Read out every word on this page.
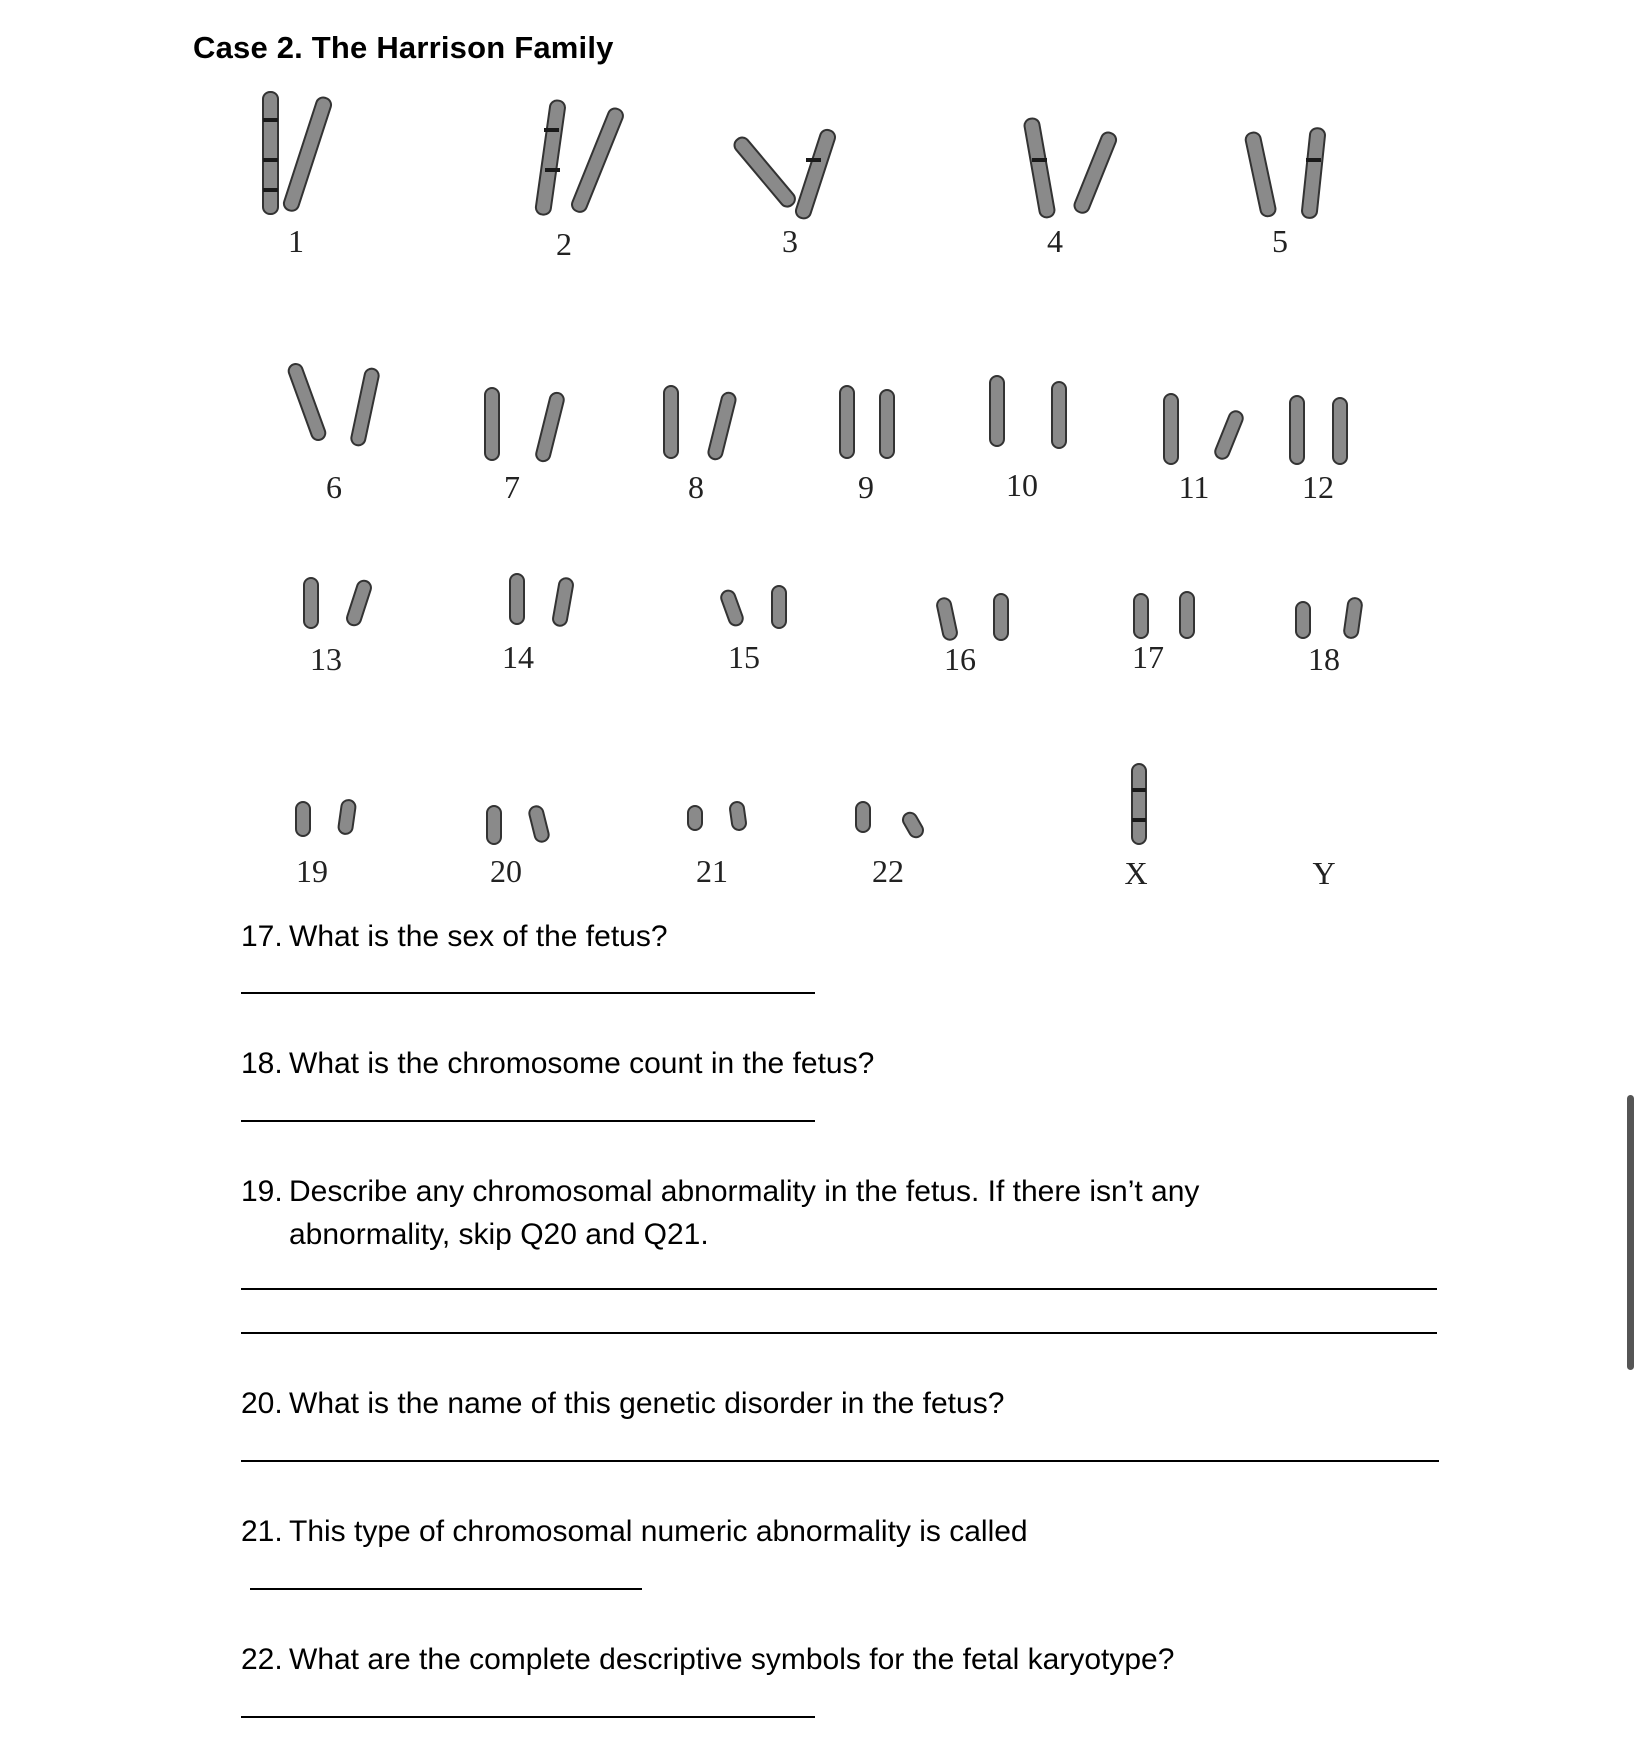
Case 2. The Harrison Family
1	2	3	4	5
6	7	8	9	10	11	12
13	14	15	16	17	18
19	20	21	22	X	Y
17. What is the sex of the fetus?
18. What is the chromosome count in the fetus?
19. Describe any chromosomal abnormality in the fetus. If there isn’t any abnormality, skip Q20 and Q21.
20. What is the name of this genetic disorder in the fetus?
21. This type of chromosomal numeric abnormality is called
22. What are the complete descriptive symbols for the fetal karyotype?
